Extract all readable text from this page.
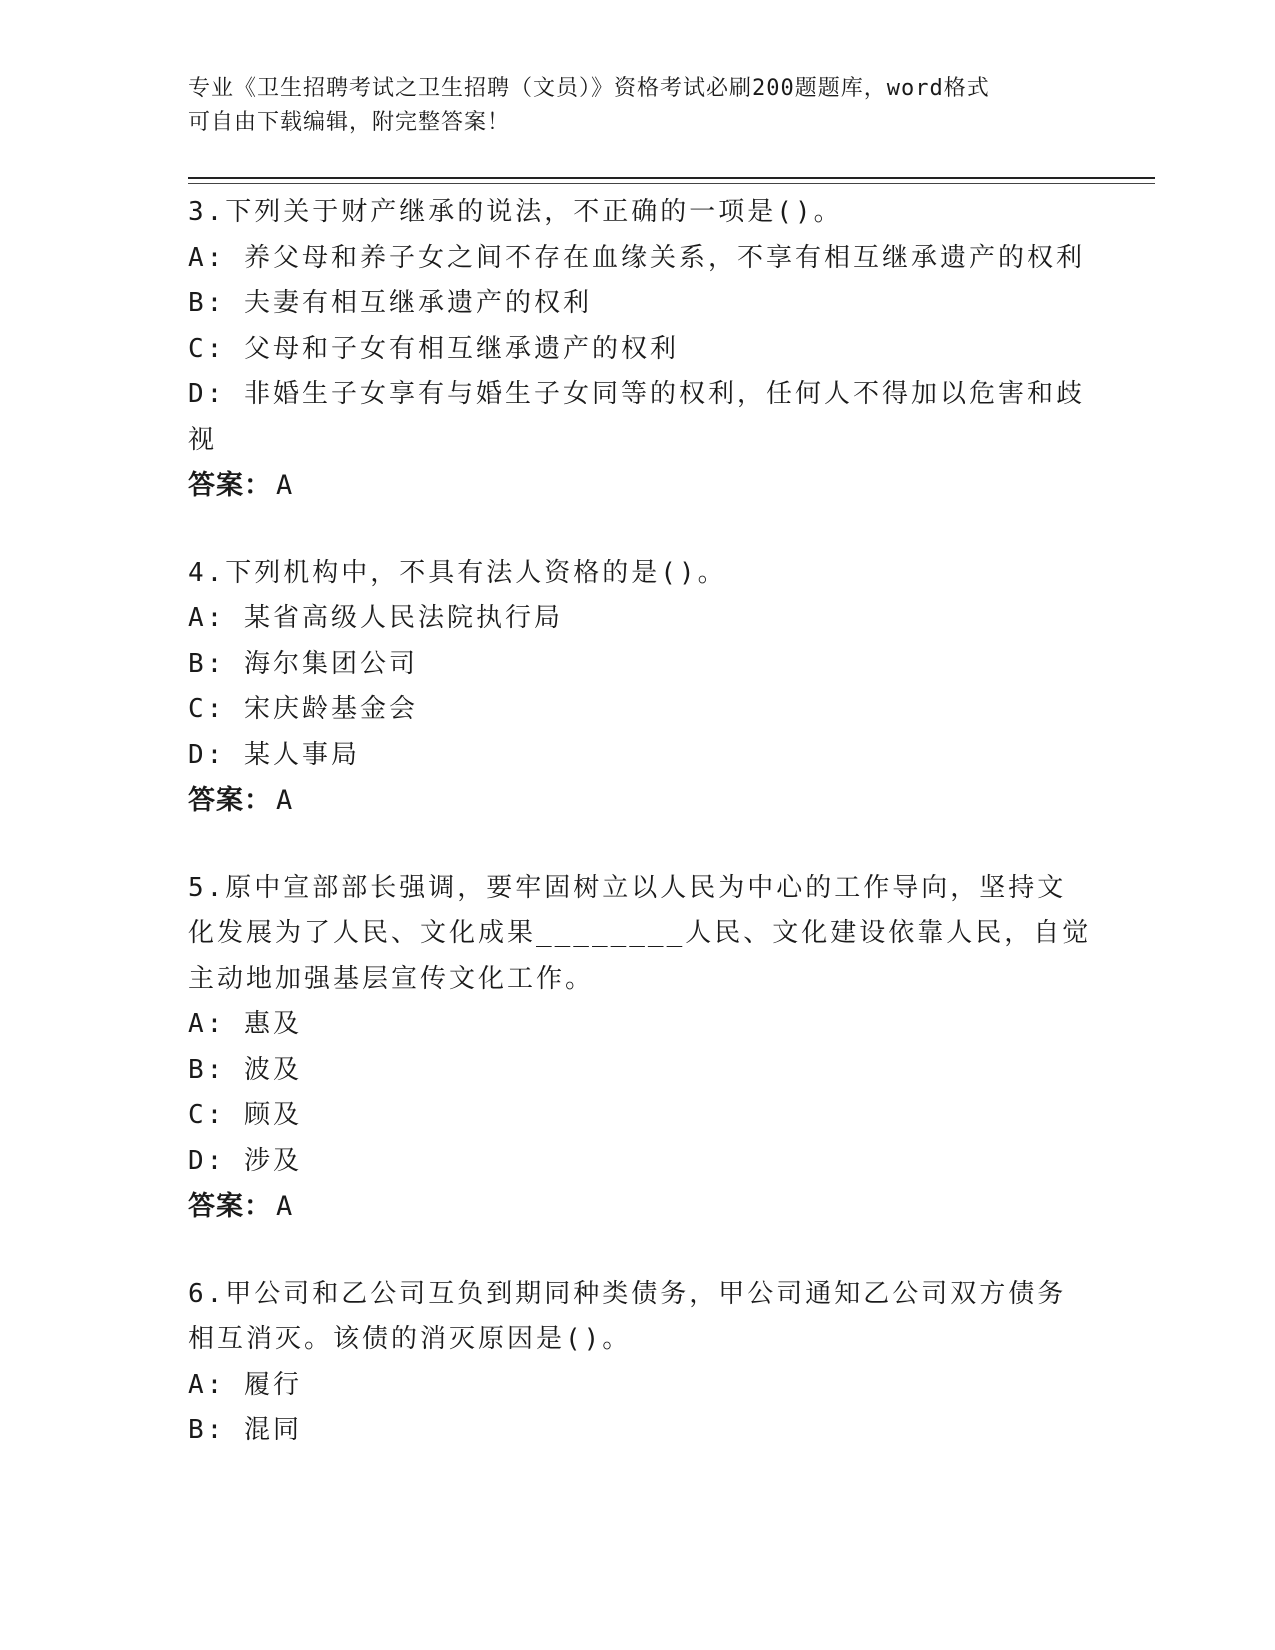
专业《卫生招聘考试之卫生招聘（文员）》资格考试必刷200题题库，word格式
可自由下载编辑，附完整答案！
3.下列关于财产继承的说法，不正确的一项是()。
A: 养父母和养子女之间不存在血缘关系，不享有相互继承遗产的权利
B: 夫妻有相互继承遗产的权利
C: 父母和子女有相互继承遗产的权利
D: 非婚生子女享有与婚生子女同等的权利，任何人不得加以危害和歧
视
答案： A
4.下列机构中，不具有法人资格的是()。
A: 某省高级人民法院执行局
B: 海尔集团公司
C: 宋庆龄基金会
D: 某人事局
答案： A
5.原中宣部部长强调，要牢固树立以人民为中心的工作导向，坚持文
化发展为了人民、文化成果________人民、文化建设依靠人民，自觉
主动地加强基层宣传文化工作。
A: 惠及
B: 波及
C: 顾及
D: 涉及
答案： A
6.甲公司和乙公司互负到期同种类债务，甲公司通知乙公司双方债务
相互消灭。该债的消灭原因是()。
A: 履行
B: 混同
